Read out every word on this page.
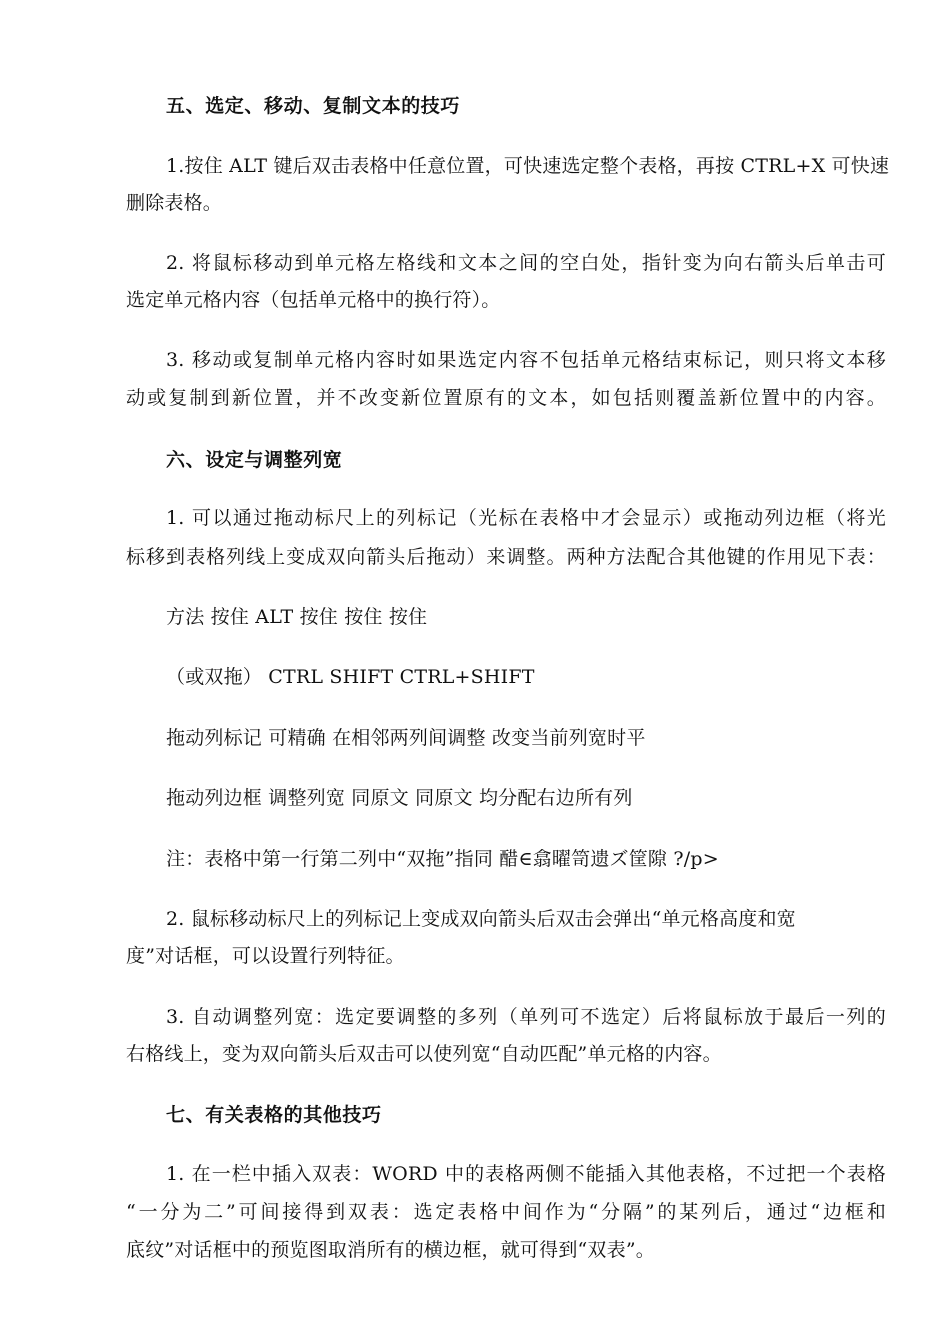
五、选定、移动、复制文本的技巧
1.按住 ALT 键后双击表格中任意位置，可快速选定整个表格，再按 CTRL+X 可快速
删除表格。
2. 将鼠标移动到单元格左格线和文本之间的空白处，指针变为向右箭头后单击可
选定单元格内容（包括单元格中的换行符）。
3. 移动或复制单元格内容时如果选定内容不包括单元格结束标记，则只将文本移
动或复制到新位置，并不改变新位置原有的文本，如包括则覆盖新位置中的内容。
六、设定与调整列宽
1. 可以通过拖动标尺上的列标记（光标在表格中才会显示）或拖动列边框（将光
标移到表格列线上变成双向箭头后拖动）来调整。两种方法配合其他键的作用见下表：
方法 按住 ALT 按住 按住 按住
（或双拖） CTRL SHIFT CTRL+SHIFT
拖动列标记 可精确 在相邻两列间调整 改变当前列宽时平
拖动列边框 调整列宽 同原文 同原文 均分配右边所有列
注：表格中第一行第二列中“双拖”指同 醋∈翕曜笥遗ズ筐隙 ?/p>
2. 鼠标移动标尺上的列标记上变成双向箭头后双击会弹出“单元格高度和宽
度”对话框，可以设置行列特征。
3. 自动调整列宽：选定要调整的多列（单列可不选定）后将鼠标放于最后一列的
右格线上，变为双向箭头后双击可以使列宽“自动匹配”单元格的内容。
七、有关表格的其他技巧
1. 在一栏中插入双表：WORD 中的表格两侧不能插入其他表格，不过把一个表格
“一分为二”可间接得到双表：选定表格中间作为“分隔”的某列后，通过“边框和
底纹”对话框中的预览图取消所有的横边框，就可得到“双表”。
